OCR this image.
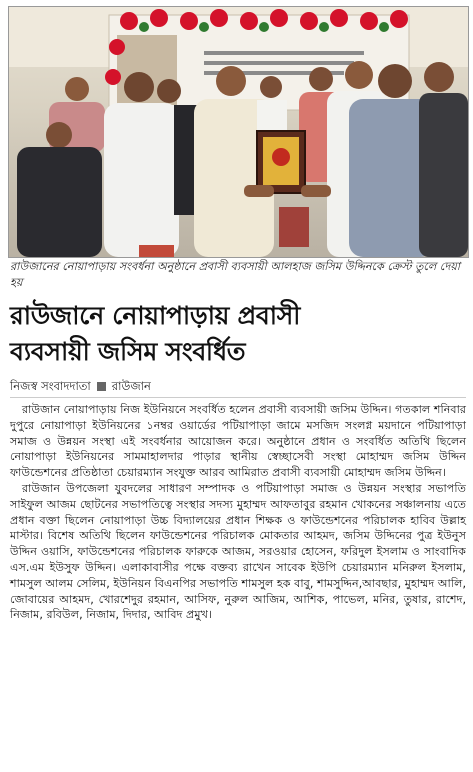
রাউজানের নোয়াপাড়ায় সংবর্ধনা অনুষ্ঠানে প্রবাসী ব্যবসায়ী আলহাজ জসিম উদ্দিনকে ক্রেস্ট তুলে দেয়া হয়
রাউজানে নোয়াপাড়ায় প্রবাসী
ব্যবসায়ী জসিম সংবর্ধিত
নিজস্ব সংবাদদাতা রাউজান

রাউজান নোয়াপাড়ায় নিজ ইউনিয়নে সংবর্ধিত হলেন প্রবাসী ব্যবসায়ী জসিম উদ্দিন। গতকাল শনিবার দুপুরে নোয়াপাড়া ইউনিয়নের ১নম্বর ওয়ার্ডের পটিয়াপাড়া জামে মসজিদ সংলগ্ন ময়দানে পটিয়াপাড়া সমাজ ও উন্নয়ন সংস্থা এই সংবর্ধনার আয়োজন করে। অনুষ্ঠানে প্রধান ও সংবর্ধিত অতিথি ছিলেন নোয়াপাড়া ইউনিয়নের সামমাহালদার পাড়ার স্থানীয় স্বেচ্ছাসেবী সংস্থা মোহাম্মদ জসিম উদ্দিন ফাউন্ডেশনের প্রতিষ্ঠাতা চেয়ারম্যান সংযুক্ত আরব আমিরাত প্রবাসী ব্যবসায়ী মোহাম্মদ জসিম উদ্দিন।

রাউজান উপজেলা যুবদলের সাধারণ সম্পাদক ও পটিয়াপাড়া সমাজ ও উন্নয়ন সংস্থার সভাপতি সাইফুল আজম ছোটনের সভাপতিত্বে সংস্থার সদস্য মুহাম্মদ আফতাবুর রহমান খোকনের সঞ্চালনায় এতে প্রধান বক্তা ছিলেন নোয়াপাড়া উচ্চ বিদ্যালয়ের প্রধান শিক্ষক ও ফাউন্ডেশনের পরিচালক হাবিব উল্লাহ মাস্টার। বিশেষ অতিথি ছিলেন ফাউন্ডেশনের পরিচালক মোকতার আহমদ, জসিম উদ্দিনের পুত্র ইউনুস উদ্দিন ওয়াসি, ফাউন্ডেশনের পরিচালক ফারুকে আজম, সরওয়ার হোসেন, ফরিদুল ইসলাম ও সাংবাদিক এস.এম ইউসুফ উদ্দিন। এলাকাবাসীর পক্ষে বক্তব্য রাখেন সাবেক ইউপি চেয়ারম্যান মনিরুল ইসলাম, শামসুল আলম সেলিম, ইউনিয়ন বিএনপির সভাপতি শামসুল হক বাবু, শামসুদ্দিন,আবছার, মুহাম্মদ আলি, জোবায়ের আহমদ, খোরশেদুর রহমান, আসিফ, নুরুল আজিম, আশিক, পাভেল, মনির, তুষার, রাশেদ, নিজাম, রবিউল, নিজাম, দিদার, আবিদ প্রমুখ।
